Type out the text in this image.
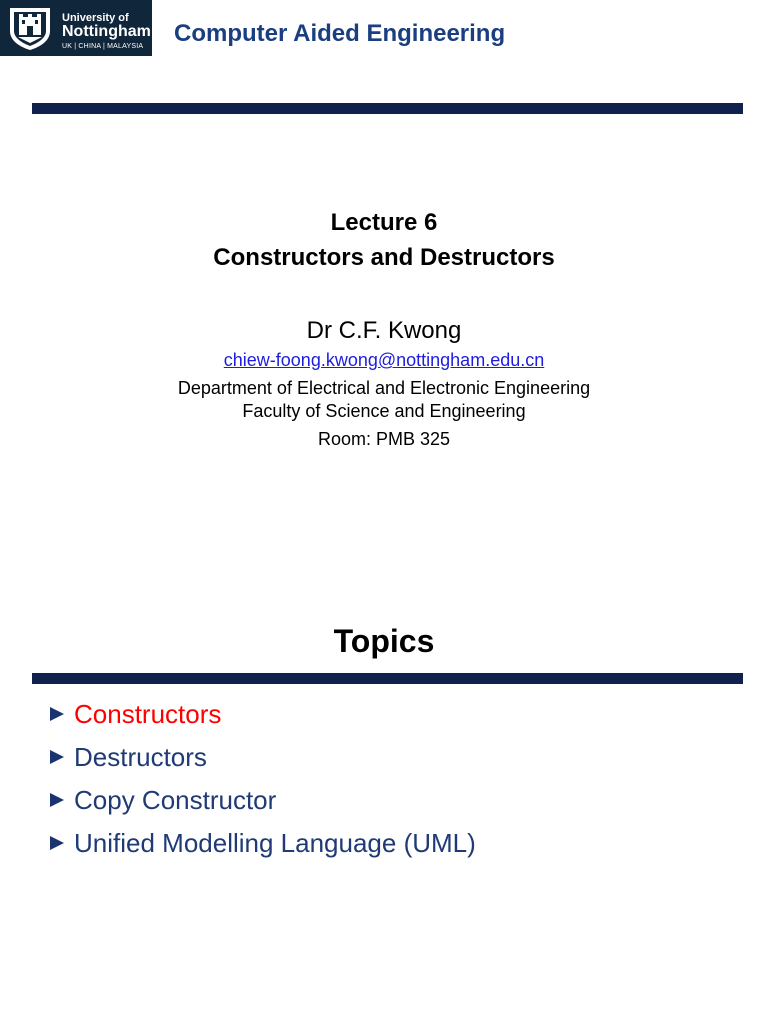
University of
Nottingham
UK | CHINA | MALAYSIA Computer Aided Engineering
Lecture 6
Constructors and Destructors
Dr C.F. Kwong
chiew-foong.kwong@nottingham.edu.cn
Department of Electrical and Electronic Engineering
Faculty of Science and Engineering
Room: PMB 325
Topics
Constructors
Destructors
Copy Constructor
Unified Modelling Language (UML)
